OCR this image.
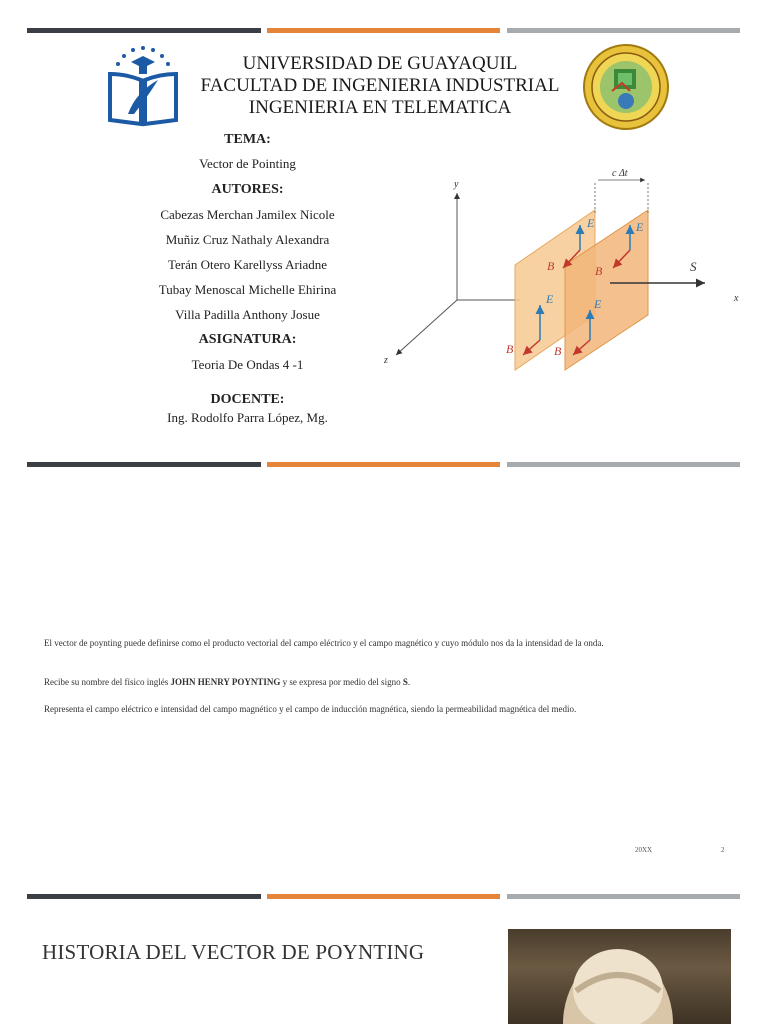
UNIVERSIDAD DE GUAYAQUIL
FACULTAD DE INGENIERIA INDUSTRIAL
INGENIERIA EN TELEMATICA
TEMA:
Vector de Pointing
AUTORES:
Cabezas Merchan Jamilex Nicole
Muñiz Cruz Nathaly Alexandra
Terán Otero Karellyss Ariadne
Tubay Menoscal Michelle Ehirina
Villa Padilla Anthony Josue
ASIGNATURA:
Teoria De Ondas 4 -1
DOCENTE:
Ing. Rodolfo Parra López, Mg.
y
z
x
c Δt
E	E
E	E
B	B
B	B
S
El vector de poynting puede definirse como el producto vectorial del campo eléctrico y el campo magnético y cuyo módulo nos da la intensidad de la onda.
Recibe su nombre del físico inglés JOHN HENRY POYNTING y se expresa por medio del signo S.
Representa el campo eléctrico e intensidad del campo magnético y el campo de inducción magnética, siendo la permeabilidad magnética del medio.
20XX	2
HISTORIA DEL VECTOR DE POYNTING
